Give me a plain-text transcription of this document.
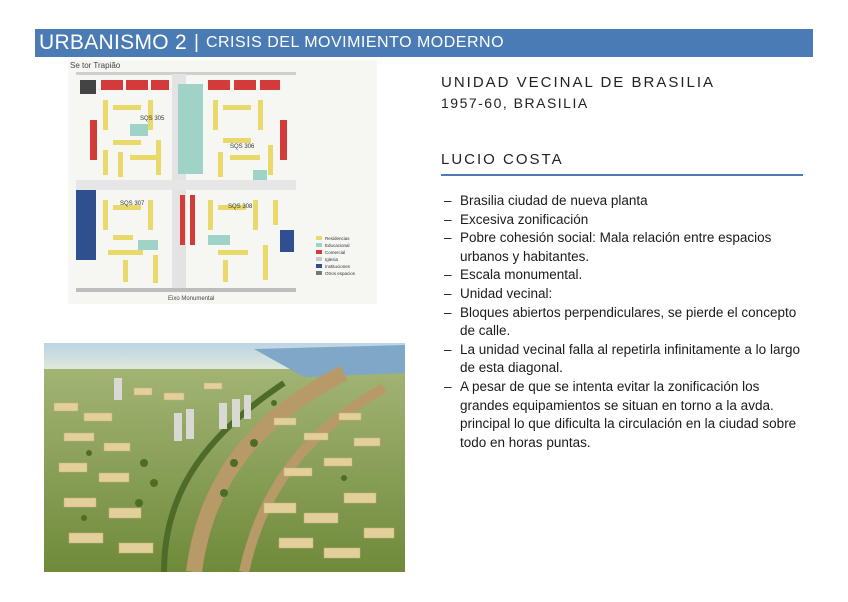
URBANISMO 2 | CRISIS DEL MOVIMIENTO MODERNO
Se tor Trapião
SQS 305
SQS 306
SQS 307	SQS 308
Residencias
Educacional
Comercial
Iglesia
Instituciones
Otros espacios
Eixo Monumental
UNIDAD VECINAL DE BRASILIA
1957-60, BRASILIA
LUCIO COSTA
– Brasilia ciudad de nueva planta
– Excesiva zonificación
– Pobre cohesión social: Mala relación entre espacios urbanos y habitantes.
– Escala monumental.
– Unidad vecinal:
– Bloques abiertos perpendiculares, se pierde el concepto de calle.
– La unidad vecinal falla al repetirla infinitamente a lo largo de esta diagonal.
– A pesar de que se intenta evitar la zonificación los grandes equipamientos se situan en torno a la avda. principal lo que dificulta la circulación en la ciudad sobre todo en horas puntas.
